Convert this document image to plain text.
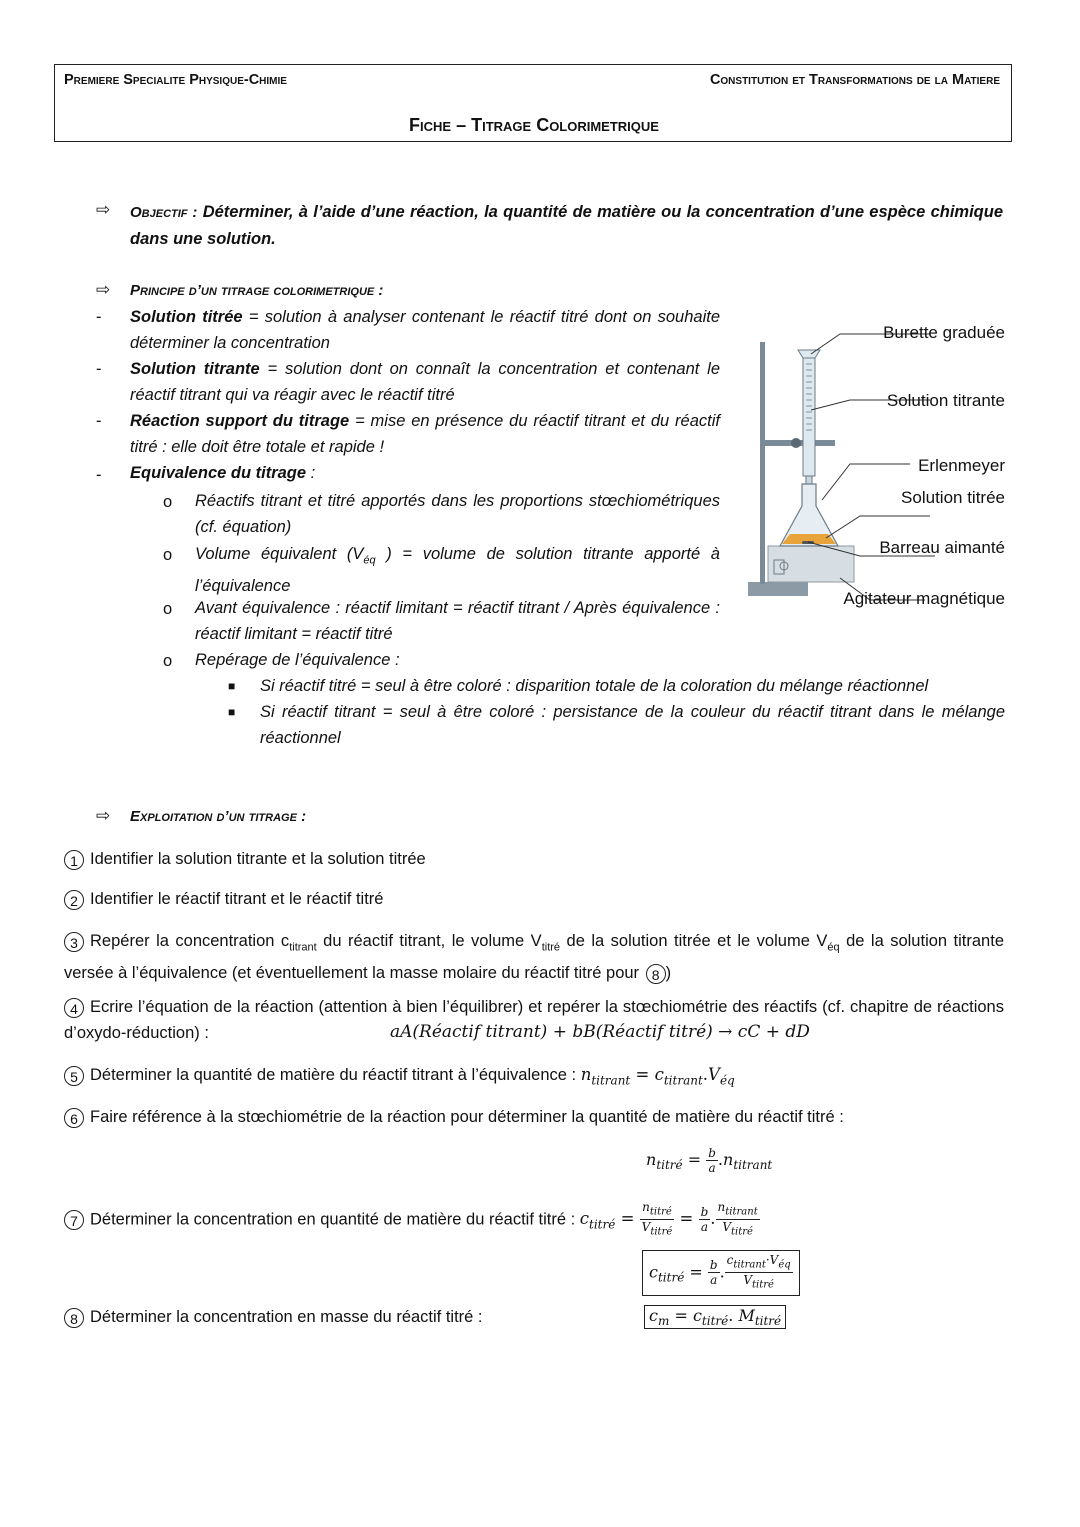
Premiere Specialite Physique-Chimie	Constitution et Transformations de la Matiere
Fiche – Titrage Colorimetrique
⇨ Objectif : Déterminer, à l’aide d’une réaction, la quantité de matière ou la concentration d’une espèce chimique dans une solution.
⇨ Principe d’un titrage colorimetrique :
Solution titrée = solution à analyser contenant le réactif titré dont on souhaite déterminer la concentration
Solution titrante = solution dont on connaît la concentration et contenant le réactif titrant qui va réagir avec le réactif titré
Réaction support du titrage = mise en présence du réactif titrant et du réactif titré : elle doit être totale et rapide !
Equivalence du titrage :
-
-
-
-
o Réactifs titrant et titré apportés dans les proportions stœchiométriques (cf. équation)
o Volume équivalent ($V_{éq}$ ) = volume de solution titrante apporté à l’équivalence
o Avant équivalence : réactif limitant = réactif titrant / Après équivalence : réactif limitant = réactif titré
o Repérage de l’équivalence :
■ Si réactif titré = seul à être coloré : disparition totale de la coloration du mélange réactionnel
■ Si réactif titrant = seul à être coloré : persistance de la couleur du réactif titrant dans le mélange réactionnel
Burette graduée
Solution titrante
Erlenmeyer
Solution titrée
Barreau aimanté
Agitateur magnétique
⇨ Exploitation d’un titrage :
1 Identifier la solution titrante et la solution titrée
2 Identifier le réactif titrant et le réactif titré
3 Repérer la concentration $c_{titrant}$ du réactif titrant, le volume $V_{titré}$ de la solution titrée et le volume $V_{éq}$ de la solution titrante versée à l’équivalence (et éventuellement la masse molaire du réactif titré pour 8 )
4 Ecrire l’équation de la réaction (attention à bien l’équilibrer) et repérer la stœchiométrie des réactifs (cf. chapitre de réactions d’oxydo-réduction) :	aA(Réactif titrant) + bB(Réactif titré) → cC + dD
5 Déterminer la quantité de matière du réactif titrant à l’équivalence : $n_{titrant} = c_{titrant}.V_{éq}$
6 Faire référence à la stœchiométrie de la réaction pour déterminer la quantité de matière du réactif titré :
$n_{titré} = \frac{b}{a} .n_{titrant}$
7 Déterminer la concentration en quantité de matière du réactif titré : $c_{titré} = \frac{n_{titré}}{V_{titré}} = \frac{b}{a}$ . $\frac{n_{titrant}}{V_{titré}}$
$c_{titré} = \frac{b}{a}$ . $\frac{c_{titrant}\cdot V_{éq}}{V_{titré}}$
8 Déterminer la concentration en masse du réactif titré :	$c_m = c_{titré}$. $M_{titré}$
